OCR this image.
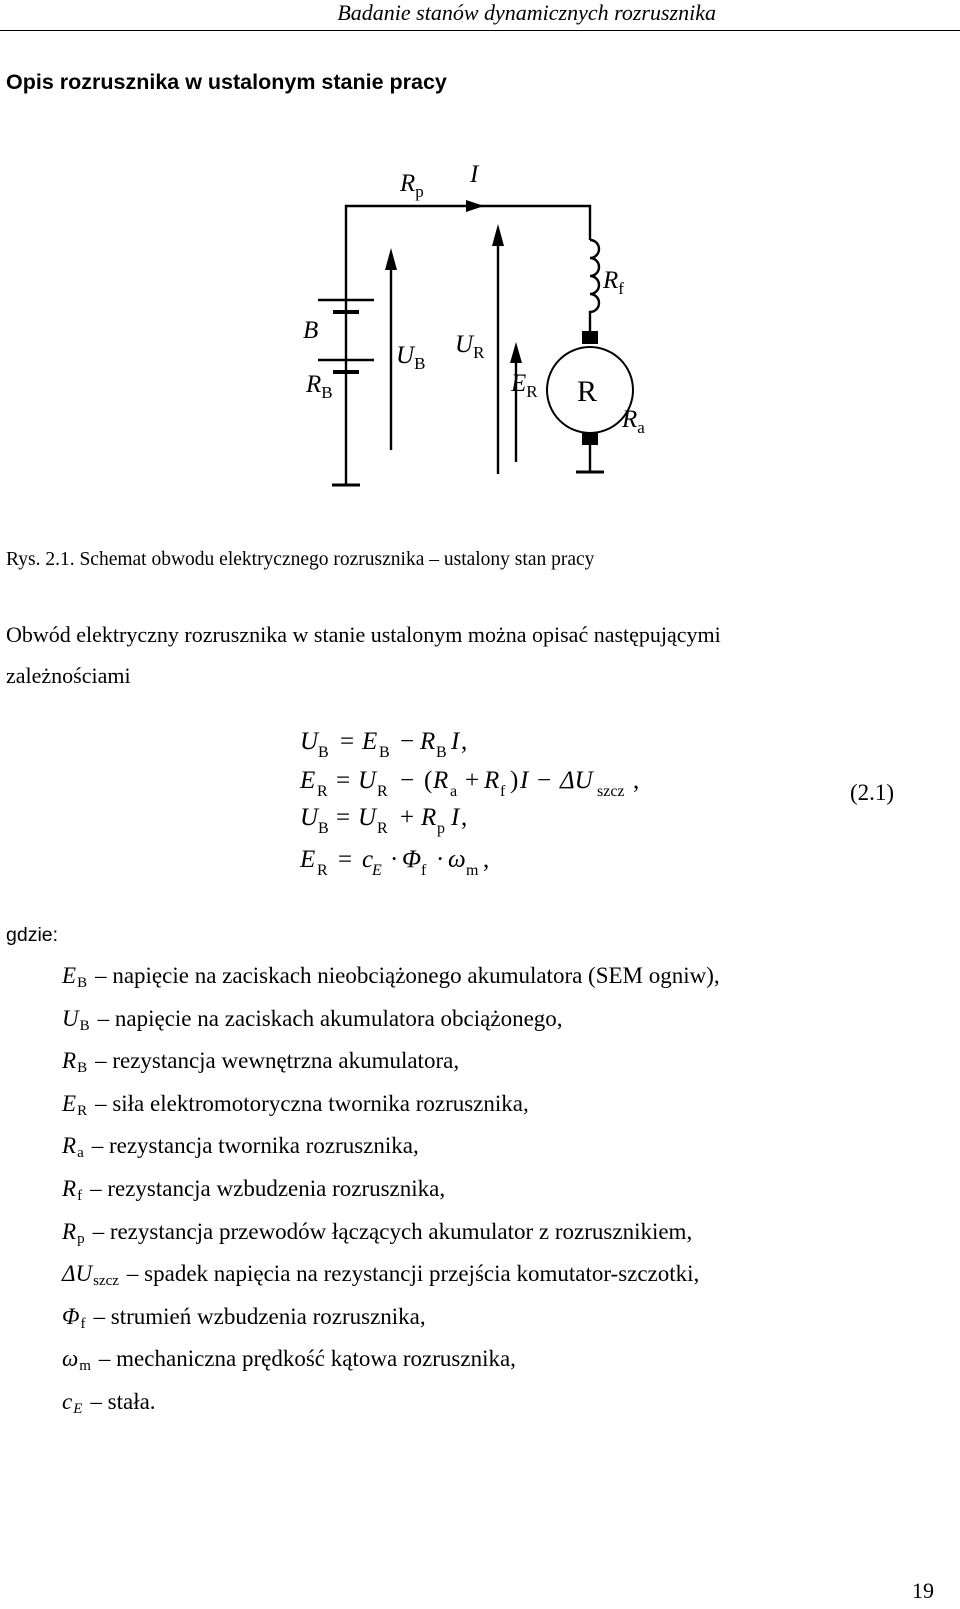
Badanie stanów dynamicznych rozrusznika
Opis rozrusznika w ustalonym stanie pracy
$R_p$
I
$R_f$
B
$R_B$
$U_B$
$U_R$
$E_R$ R
$R_a$
U B = E B − R B I ,
E R = U R − ( R a + R f ) I − ΔU szcz ,
U B = U R + R p I ,
E R = c
E · Φ f · ω m ,
Rys. 2.1. Schemat obwodu elektrycznego rozrusznika – ustalony stan pracy
Obwód elektryczny rozrusznika w stanie ustalonym można opisać następującymi
zależnościami
(2.1)
gdzie:
$E_B$ – napięcie na zaciskach nieobciążonego akumulatora (SEM ogniw),
$U_B$ – napięcie na zaciskach akumulatora obciążonego,
$R_B$ – rezystancja wewnętrzna akumulatora,
$E_R$ – siła elektromotoryczna twornika rozrusznika,
$R_a$ – rezystancja twornika rozrusznika,
$R_f$ – rezystancja wzbudzenia rozrusznika,
$R_p$ – rezystancja przewodów łączących akumulator z rozrusznikiem,
$\Delta U_{szcz}$ – spadek napięcia na rezystancji przejścia komutator-szczotki,
$\Phi_f$ – strumień wzbudzenia rozrusznika,
$\omega_m$ – mechaniczna prędkość kątowa rozrusznika,
$c_E$ – stała.
19
